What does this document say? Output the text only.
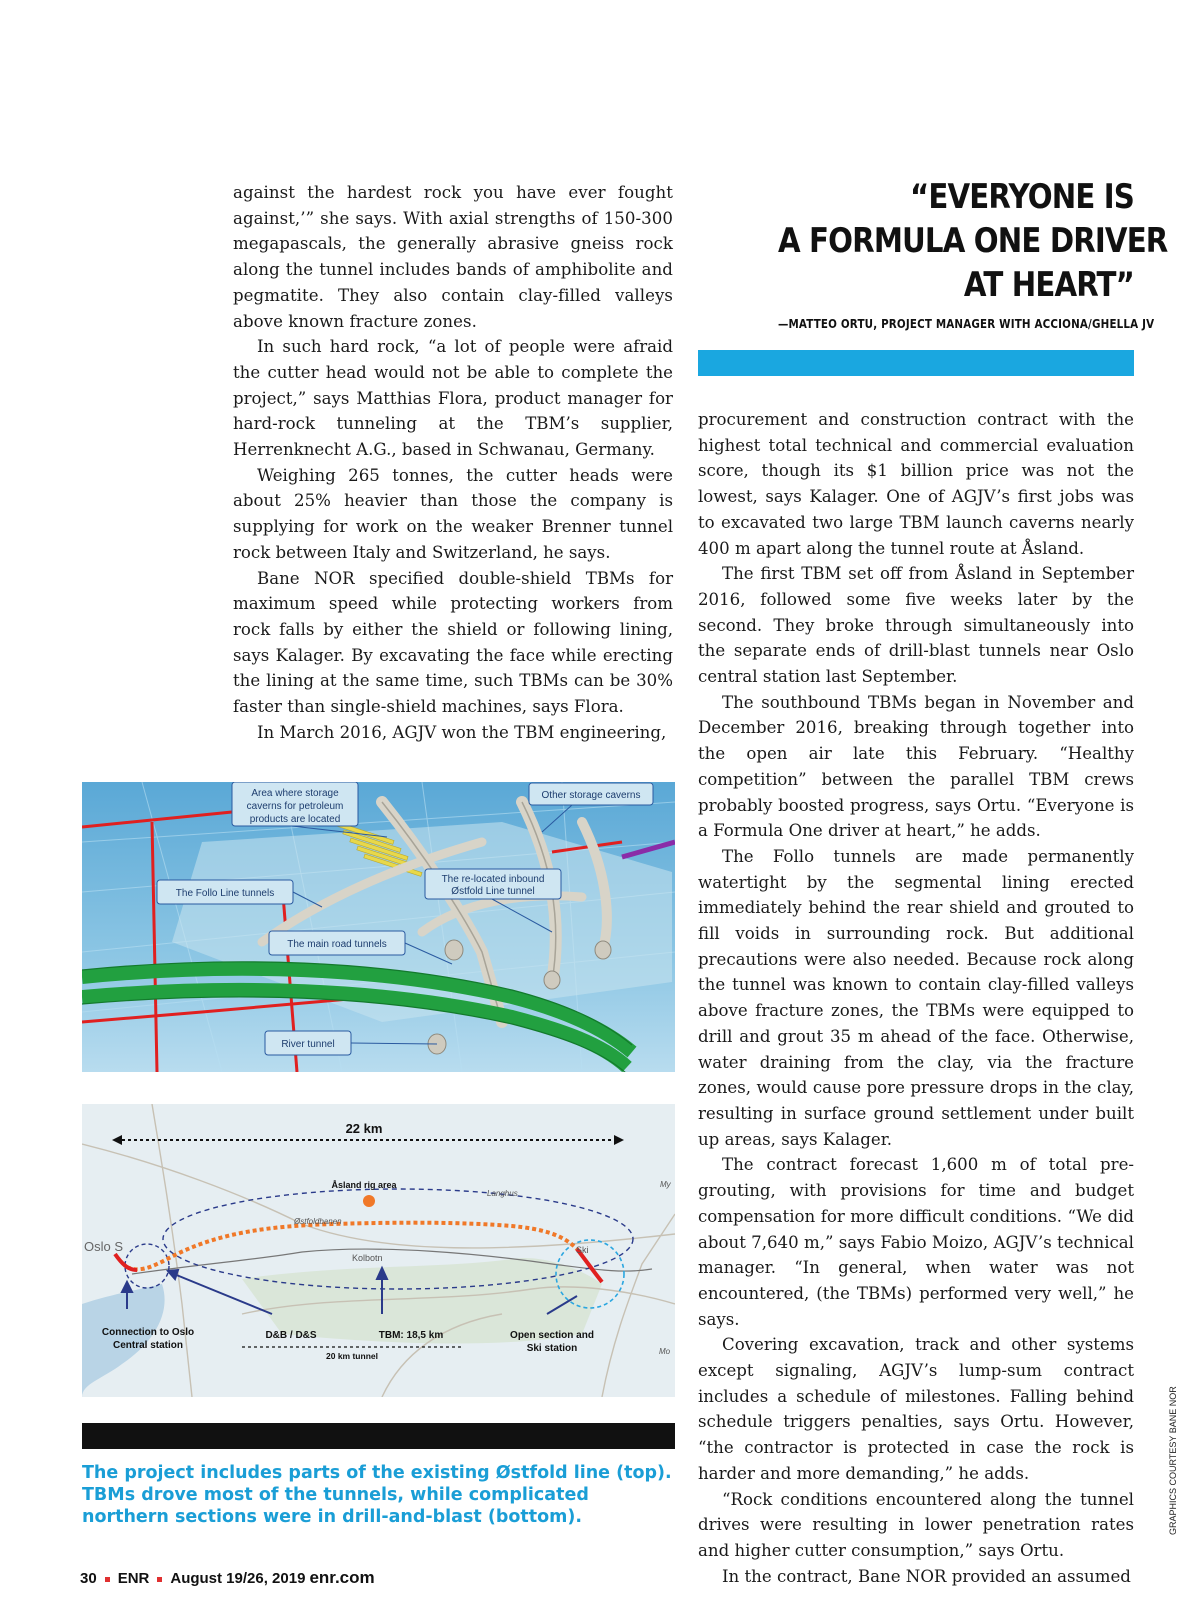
against the hardest rock you have ever fought against,’” she says. With axial strengths of 150-300 megapascals, the generally abrasive gneiss rock along the tunnel includes bands of amphibolite and pegmatite. They also contain clay-filled valleys above known fracture zones.

In such hard rock, “a lot of people were afraid the cutter head would not be able to complete the project,” says Matthias Flora, product manager for hard-rock tunneling at the TBM’s supplier, Herrenknecht A.G., based in Schwanau, Germany.

Weighing 265 tonnes, the cutter heads were about 25% heavier than those the company is supplying for work on the weaker Brenner tunnel rock between Italy and Switzerland, he says.

Bane NOR specified double-shield TBMs for maximum speed while protecting workers from rock falls by either the shield or following lining, says Kalager. By excavating the face while erecting the lining at the same time, such TBMs can be 30% faster than single-shield machines, says Flora.

In March 2016, AGJV won the TBM engineering,

“EVERYONE IS
A FORMULA ONE DRIVER
AT HEART”
—MATTEO ORTU, PROJECT MANAGER WITH ACCIONA/GHELLA JV

procurement and construction contract with the highest total technical and commercial evaluation score, though its $1 billion price was not the lowest, says Kalager. One of AGJV’s first jobs was to excavated two large TBM launch caverns nearly 400 m apart along the tunnel route at Åsland.

The first TBM set off from Åsland in September 2016, followed some five weeks later by the second. They broke through simultaneously into the separate ends of drill-blast tunnels near Oslo central station last September.

The southbound TBMs began in November and December 2016, breaking through together into the open air late this February. “Healthy competition” between the parallel TBM crews probably boosted progress, says Ortu. “Everyone is a Formula One driver at heart,” he adds.

The Follo tunnels are made permanently watertight by the segmental lining erected immediately behind the rear shield and grouted to fill voids in surrounding rock. But additional precautions were also needed. Because rock along the tunnel was known to contain clay-filled valleys above fracture zones, the TBMs were equipped to drill and grout 35 m ahead of the face. Otherwise, water draining from the clay, via the fracture zones, would cause pore pressure drops in the clay, resulting in surface ground settlement under built up areas, says Kalager.

The contract forecast 1,600 m of total pre-grouting, with provisions for time and budget compensation for more difficult conditions. “We did about 7,640 m,” says Fabio Moizo, AGJV’s technical manager. “In general, when water was not encountered, (the TBMs) performed very well,” he says.

Covering excavation, track and other systems except signaling, AGJV’s lump-sum contract includes a schedule of milestones. Falling behind schedule triggers penalties, says Ortu. However, “the contractor is protected in case the rock is harder and more demanding,” he adds.

“Rock conditions encountered along the tunnel drives were resulting in lower penetration rates and higher cutter consumption,” says Ortu.

In the contract, Bane NOR provided an assumed

Area where storage
caverns for petroleum
products are located
Other storage caverns
The Follo Line tunnels
The re-located inbound
Østfold Line tunnel
The main road tunnels
River tunnel
22 km
Åsland rig area
Østfoldbanen
Langhus
My
Mo
Kolbotn
Ski
Oslo S
Connection to Oslo
Central station
D&B / D&S	TBM: 18,5 km	Open section and
Ski station
20 km tunnel
The project includes parts of the existing Østfold line (top). TBMs drove most of the tunnels, while complicated northern sections were in drill-and-blast (bottom).
30 ENR August 19/26, 2019 enr.com
GRAPHICS COURTESY BANE NOR
